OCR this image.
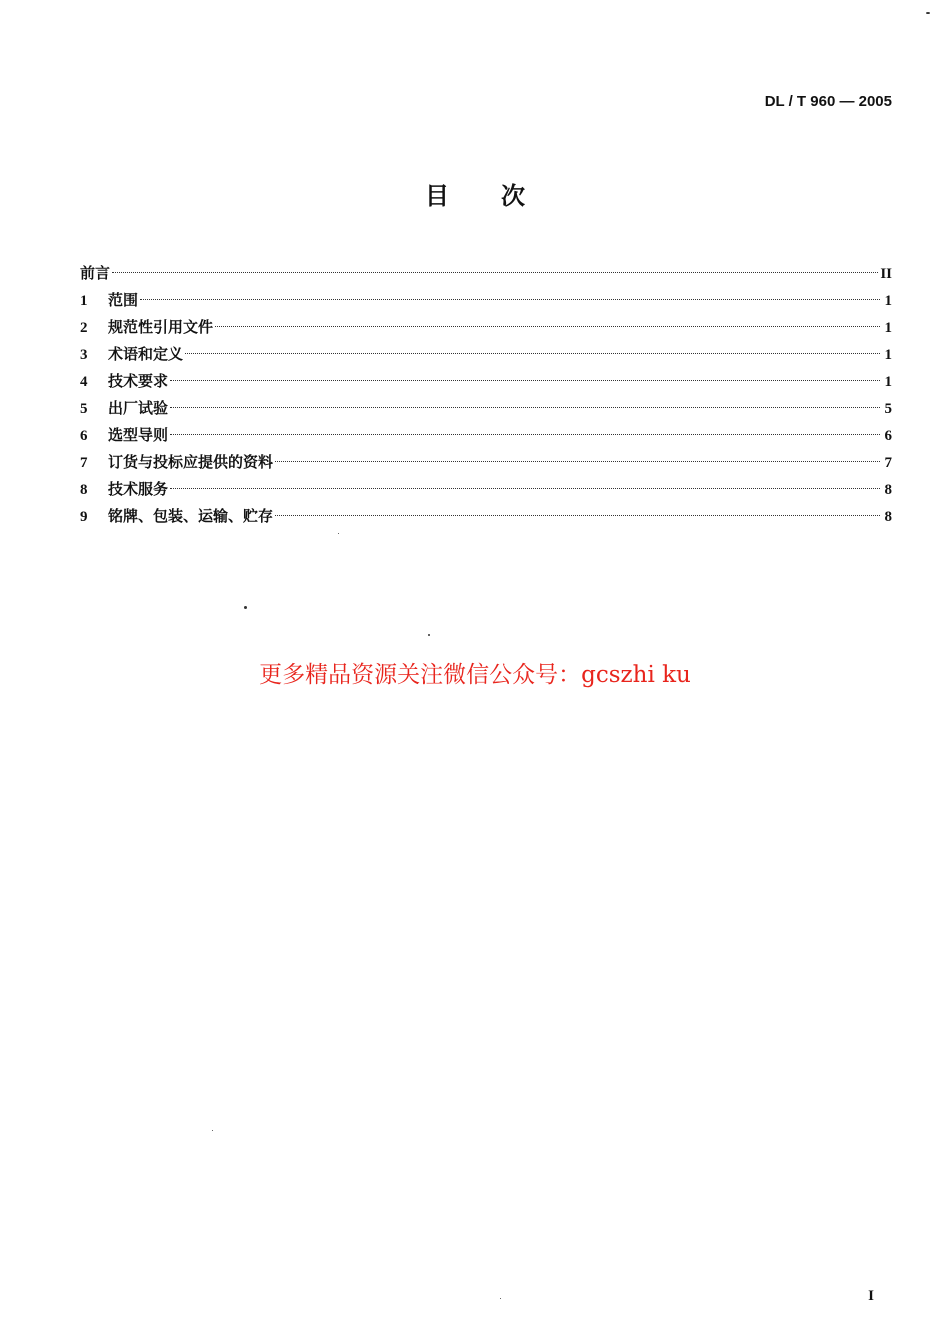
DL / T 960 — 2005
目 次
前言	II
1	范围	1
2	规范性引用文件	1
3	术语和定义	1
4	技术要求	1
5	出厂试验	5
6	选型导则	6
7	订货与投标应提供的资料	7
8	技术服务	8
9	铭牌、包装、运输、贮存	8
更多精品资源关注微信公众号：gcszhi ku
I
